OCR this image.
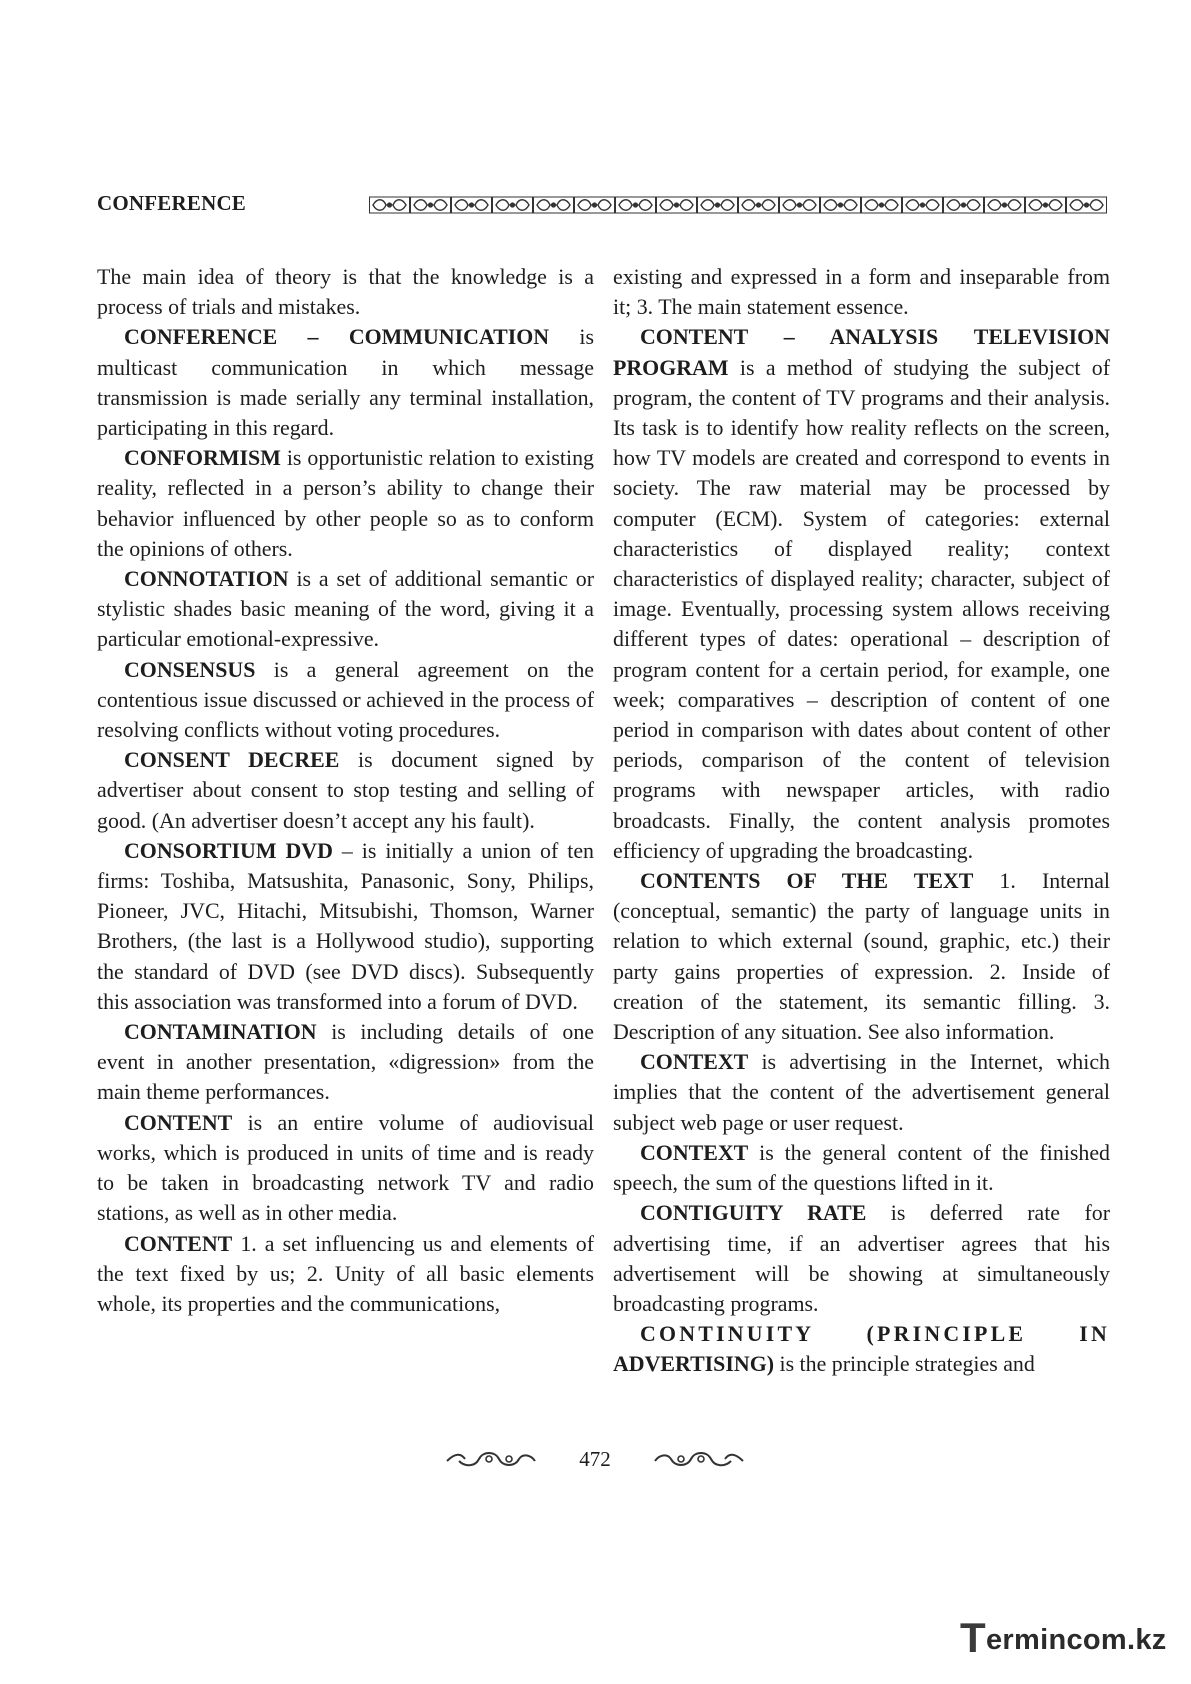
CONFERENCE

The main idea of theory is that the knowledge is a process of trials and mistakes.

CONFERENCE – COMMUNICATION is multicast communication in which message transmission is made serially any terminal installation, participating in this regard.

CONFORMISM is opportunistic relation to existing reality, reflected in a person’s ability to change their behavior influenced by other people so as to conform the opinions of others.

CONNOTATION is a set of additional semantic or stylistic shades basic meaning of the word, giving it a particular emotional-expressive.

CONSENSUS is a general agreement on the contentious issue discussed or achieved in the process of resolving conflicts without voting procedures.

CONSENT DECREE is document signed by advertiser about consent to stop testing and selling of good. (An advertiser doesn’t accept any his fault).

CONSORTIUM DVD – is initially a union of ten firms: Toshiba, Matsushita, Panasonic, Sony, Philips, Pioneer, JVC, Hitachi, Mitsubishi, Thomson, Warner Brothers, (the last is a Hollywood studio), supporting the standard of DVD (see DVD discs). Subsequently this association was transformed into a forum of DVD.

CONTAMINATION is including details of one event in another presentation, «digression» from the main theme performances.

CONTENT is an entire volume of audiovisual works, which is produced in units of time and is ready to be taken in broadcasting network TV and radio stations, as well as in other media.

CONTENT 1. a set influencing us and elements of the text fixed by us; 2. Unity of all basic elements whole, its properties and the communications,

existing and expressed in a form and inseparable from it; 3. The main statement essence.

CONTENT – ANALYSIS TELEVISION PROGRAM is a method of studying the subject of program, the content of TV programs and their analysis. Its task is to identify how reality reflects on the screen, how TV models are created and correspond to events in society. The raw material may be processed by computer (ECM). System of categories: external characteristics of displayed reality; context characteristics of displayed reality; character, subject of image. Eventually, processing system allows receiving different types of dates: operational – description of program content for a certain period, for example, one week; comparatives – description of content of one period in comparison with dates about content of other periods, comparison of the content of television programs with newspaper articles, with radio broadcasts. Finally, the content analysis promotes efficiency of upgrading the broadcasting.

CONTENTS OF THE TEXT 1. Internal (conceptual, semantic) the party of language units in relation to which external (sound, graphic, etc.) their party gains properties of expression. 2. Inside of creation of the statement, its semantic filling. 3. Description of any situation. See also information.

CONTEXT is advertising in the Internet, which implies that the content of the advertisement general subject web page or user request.

CONTEXT is the general content of the finished speech, the sum of the questions lifted in it.

CONTIGUITY RATE is deferred rate for advertising time, if an advertiser agrees that his advertisement will be showing at simultaneously broadcasting programs.

CONTINUITY (PRINCIPLE IN ADVERTISING) is the principle strategies and

472
T ermincom.kz
